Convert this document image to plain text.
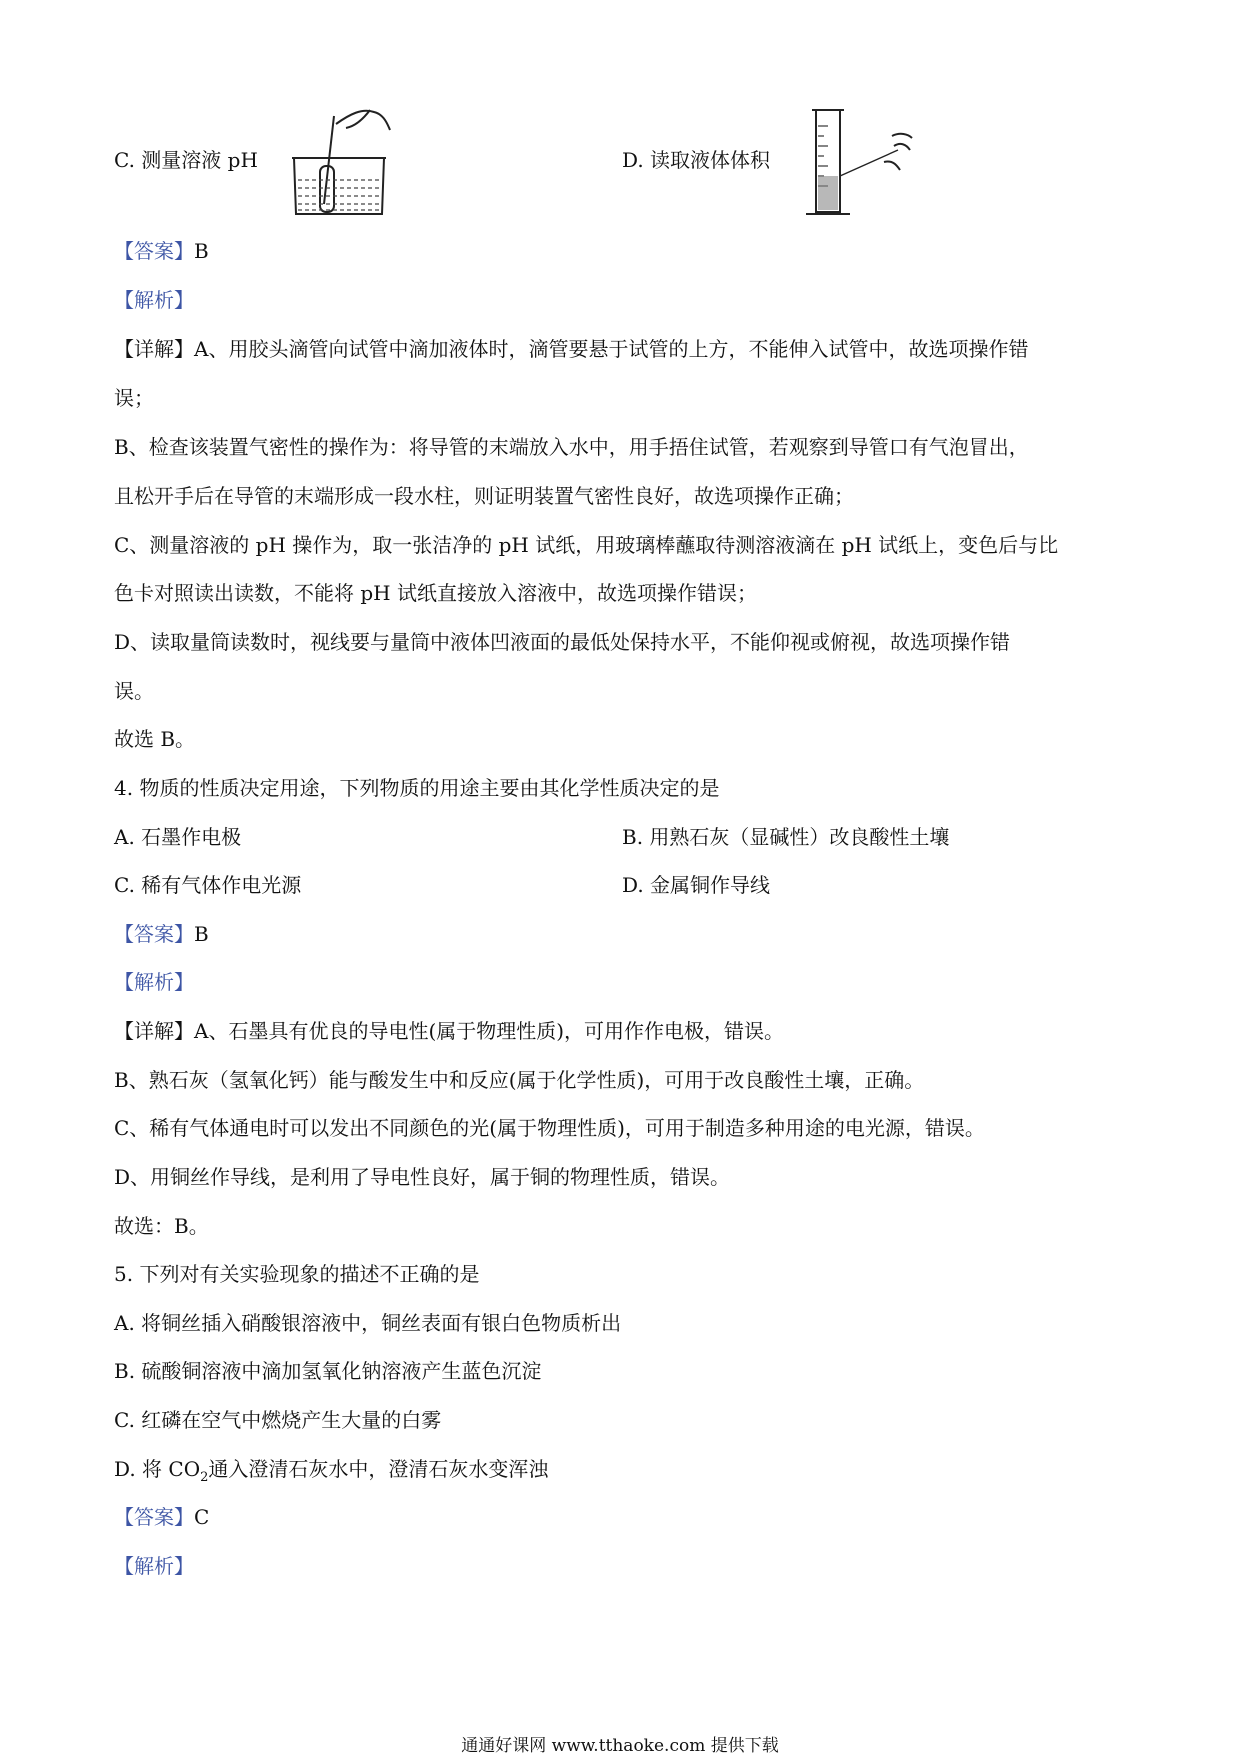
C. 测量溶液 pH	D. 读取液体体积
【答案】B
【解析】
【详解】A、用胶头滴管向试管中滴加液体时，滴管要悬于试管的上方，不能伸入试管中，故选项操作错
误；
B、检查该装置气密性的操作为：将导管的末端放入水中，用手捂住试管，若观察到导管口有气泡冒出，
且松开手后在导管的末端形成一段水柱，则证明装置气密性良好，故选项操作正确；
C、测量溶液的 pH 操作为，取一张洁净的 pH 试纸，用玻璃棒蘸取待测溶液滴在 pH 试纸上，变色后与比
色卡对照读出读数，不能将 pH 试纸直接放入溶液中，故选项操作错误；
D、读取量筒读数时，视线要与量筒中液体凹液面的最低处保持水平，不能仰视或俯视，故选项操作错
误。
故选 B。
4. 物质的性质决定用途，下列物质的用途主要由其化学性质决定的是
A. 石墨作电极	B. 用熟石灰（显碱性）改良酸性土壤
C. 稀有气体作电光源	D. 金属铜作导线
【答案】B
【解析】
【详解】A、石墨具有优良的导电性(属于物理性质)，可用作作电极，错误。
B、熟石灰（氢氧化钙）能与酸发生中和反应(属于化学性质)，可用于改良酸性土壤，正确。
C、稀有气体通电时可以发出不同颜色的光(属于物理性质)，可用于制造多种用途的电光源，错误。
D、用铜丝作导线，是利用了导电性良好，属于铜的物理性质，错误。
故选：B。
5. 下列对有关实验现象的描述不正确的是
A. 将铜丝插入硝酸银溶液中，铜丝表面有银白色物质析出
B. 硫酸铜溶液中滴加氢氧化钠溶液产生蓝色沉淀
C. 红磷在空气中燃烧产生大量的白雾
D. 将 $CO_2$通入澄清石灰水中，澄清石灰水变浑浊
【答案】C
【解析】
通通好课网 www.tthaoke.com 提供下载
